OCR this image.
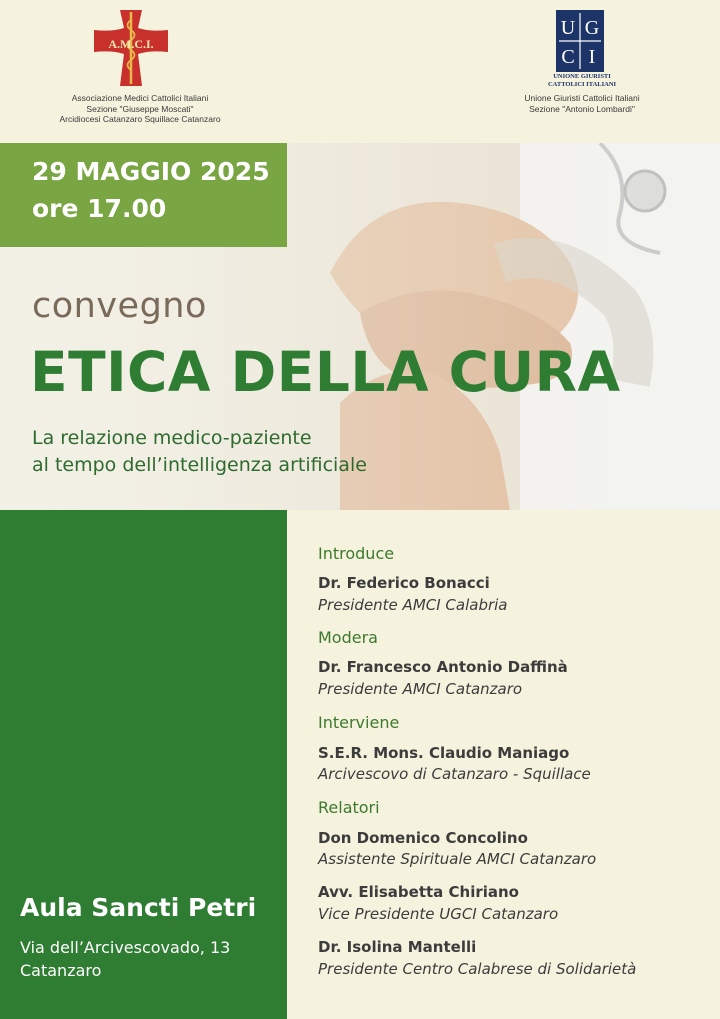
A.M.C.I.
Associazione Medici Cattolici Italiani
Sezione "Giuseppe Moscati"
Arcidiocesi Catanzaro Squillace Catanzaro
U G
C I
UNIONE GIURISTI
CATTOLICI ITALIANI
Unione Giuristi Cattolici Italiani
Sezione "Antonio Lombardi"
29 MAGGIO 2025
ore 17.00
convegno
ETICA DELLA CURA
La relazione medico-paziente
al tempo dell’intelligenza artificiale
Aula Sancti Petri
Via dell’Arcivescovado, 13
Catanzaro
Introduce
Dr. Federico Bonacci
Presidente AMCI Calabria
Modera
Dr. Francesco Antonio Daffinà
Presidente AMCI Catanzaro
Interviene
S.E.R. Mons. Claudio Maniago
Arcivescovo di Catanzaro - Squillace
Relatori
Don Domenico Concolino
Assistente Spirituale AMCI Catanzaro
Avv. Elisabetta Chiriano
Vice Presidente UGCI Catanzaro
Dr. Isolina Mantelli
Presidente Centro Calabrese di Solidarietà
